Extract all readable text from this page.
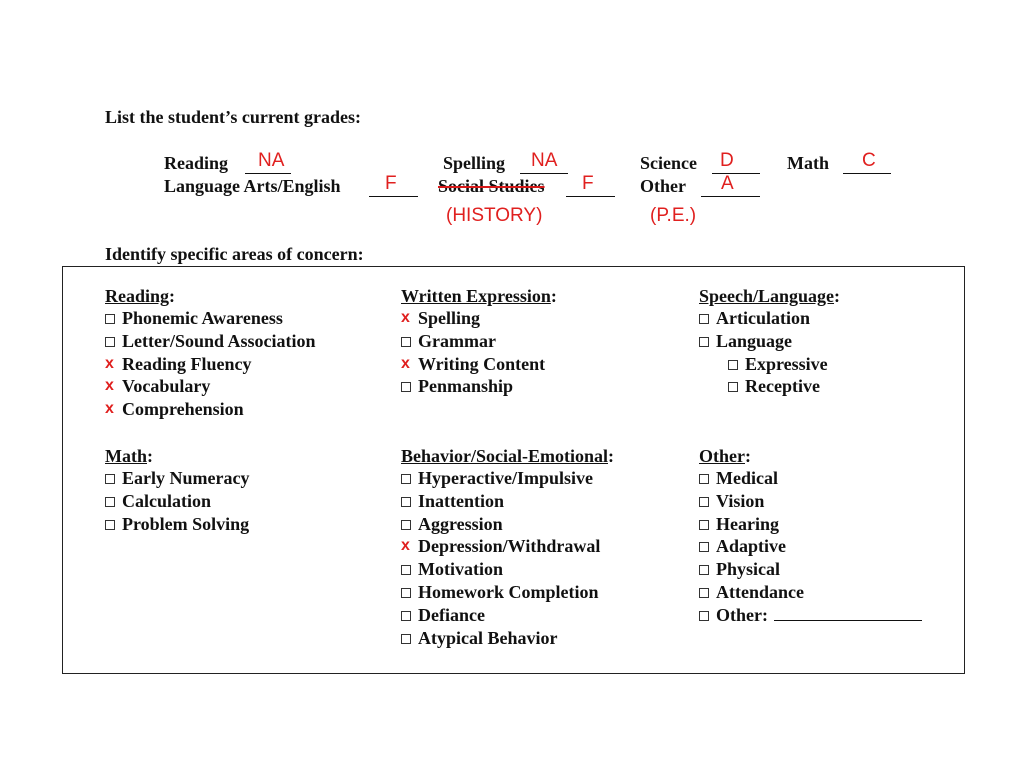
List the student’s current grades:
Reading NA	Spelling NA	Science D	Math C
Language Arts/English F Social Studies F
(HISTORY)
Other A
(P.E.)
Identify specific areas of concern:
Reading:
Phonemic Awareness
Letter/Sound Association
x Reading Fluency
x Vocabulary
x Comprehension
Written Expression:
x Spelling
Grammar
x Writing Content
Penmanship
Speech/Language:
Articulation
Language
Expressive
Receptive
Math:
Early Numeracy
Calculation
Problem Solving
Behavior/Social-Emotional:
Hyperactive/Impulsive
Inattention
Aggression
x Depression/Withdrawal
Motivation
Homework Completion
Defiance
Atypical Behavior
Other:
Medical
Vision
Hearing
Adaptive
Physical
Attendance
Other:
